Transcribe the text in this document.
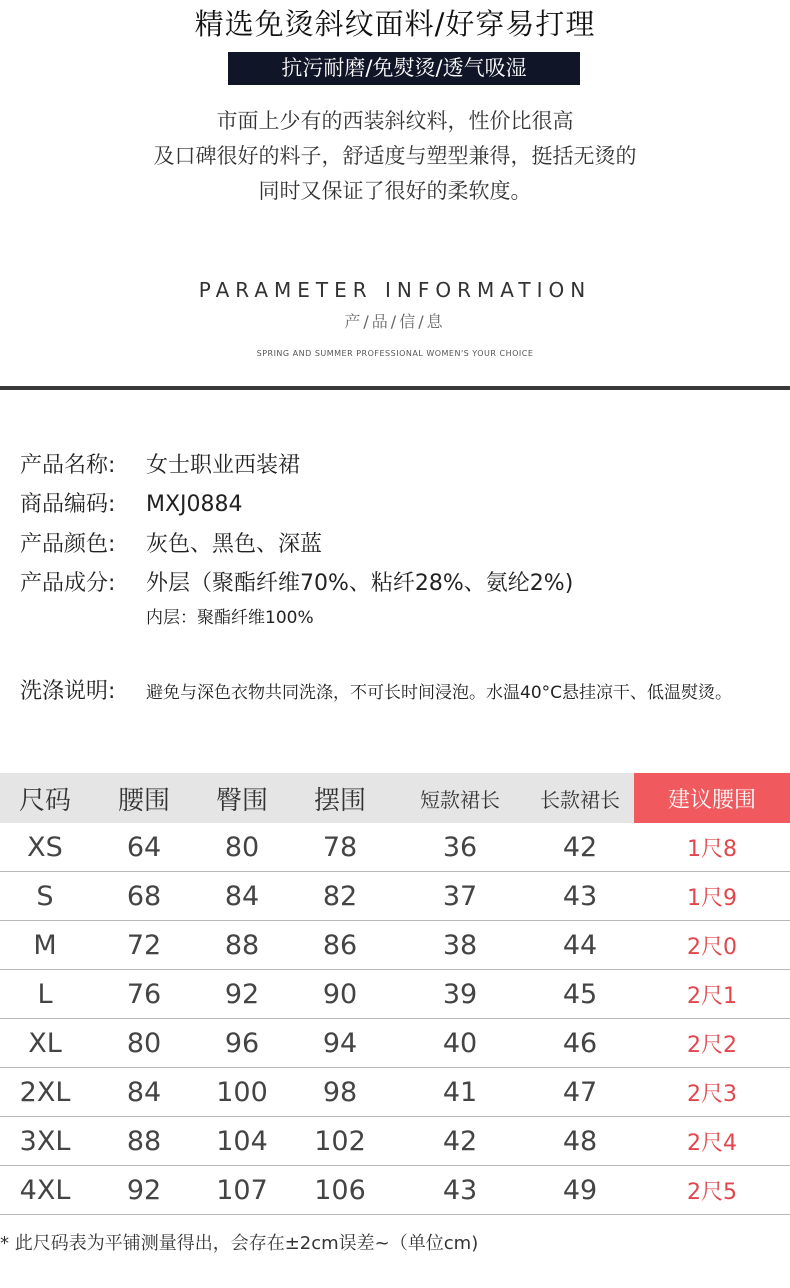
精选免烫斜纹面料/好穿易打理
抗污耐磨/免熨烫/透气吸湿
市面上少有的西装斜纹料，性价比很高
及口碑很好的料子，舒适度与塑型兼得，挺括无烫的
同时又保证了很好的柔软度。
PARAMETER INFORMATION
产/品/信/息
SPRING AND SUMMER PROFESSIONAL WOMEN'S YOUR CHOICE
产品名称: 女士职业西装裙
商品编码: MXJ0884
产品颜色: 灰色、黑色、深蓝
产品成分: 外层（聚酯纤维70%、粘纤28%、氨纶2%)
内层：聚酯纤维100%
洗涤说明: 避免与深色衣物共同洗涤，不可长时间浸泡。水温40°C悬挂凉干、低温熨烫。
尺码	腰围	臀围	摆围	短款裙长	长款裙长	建议腰围
XS	64	80	78	36	42	1尺8
S	68	84	82	37	43	1尺9
M	72	88	86	38	44	2尺0
L	76	92	90	39	45	2尺1
XL	80	96	94	40	46	2尺2
2XL	84	100	98	41	47	2尺3
3XL	88	104	102	42	48	2尺4
4XL	92	107	106	43	49	2尺5
* 此尺码表为平铺测量得出，会存在±2cm误差~（单位cm)
